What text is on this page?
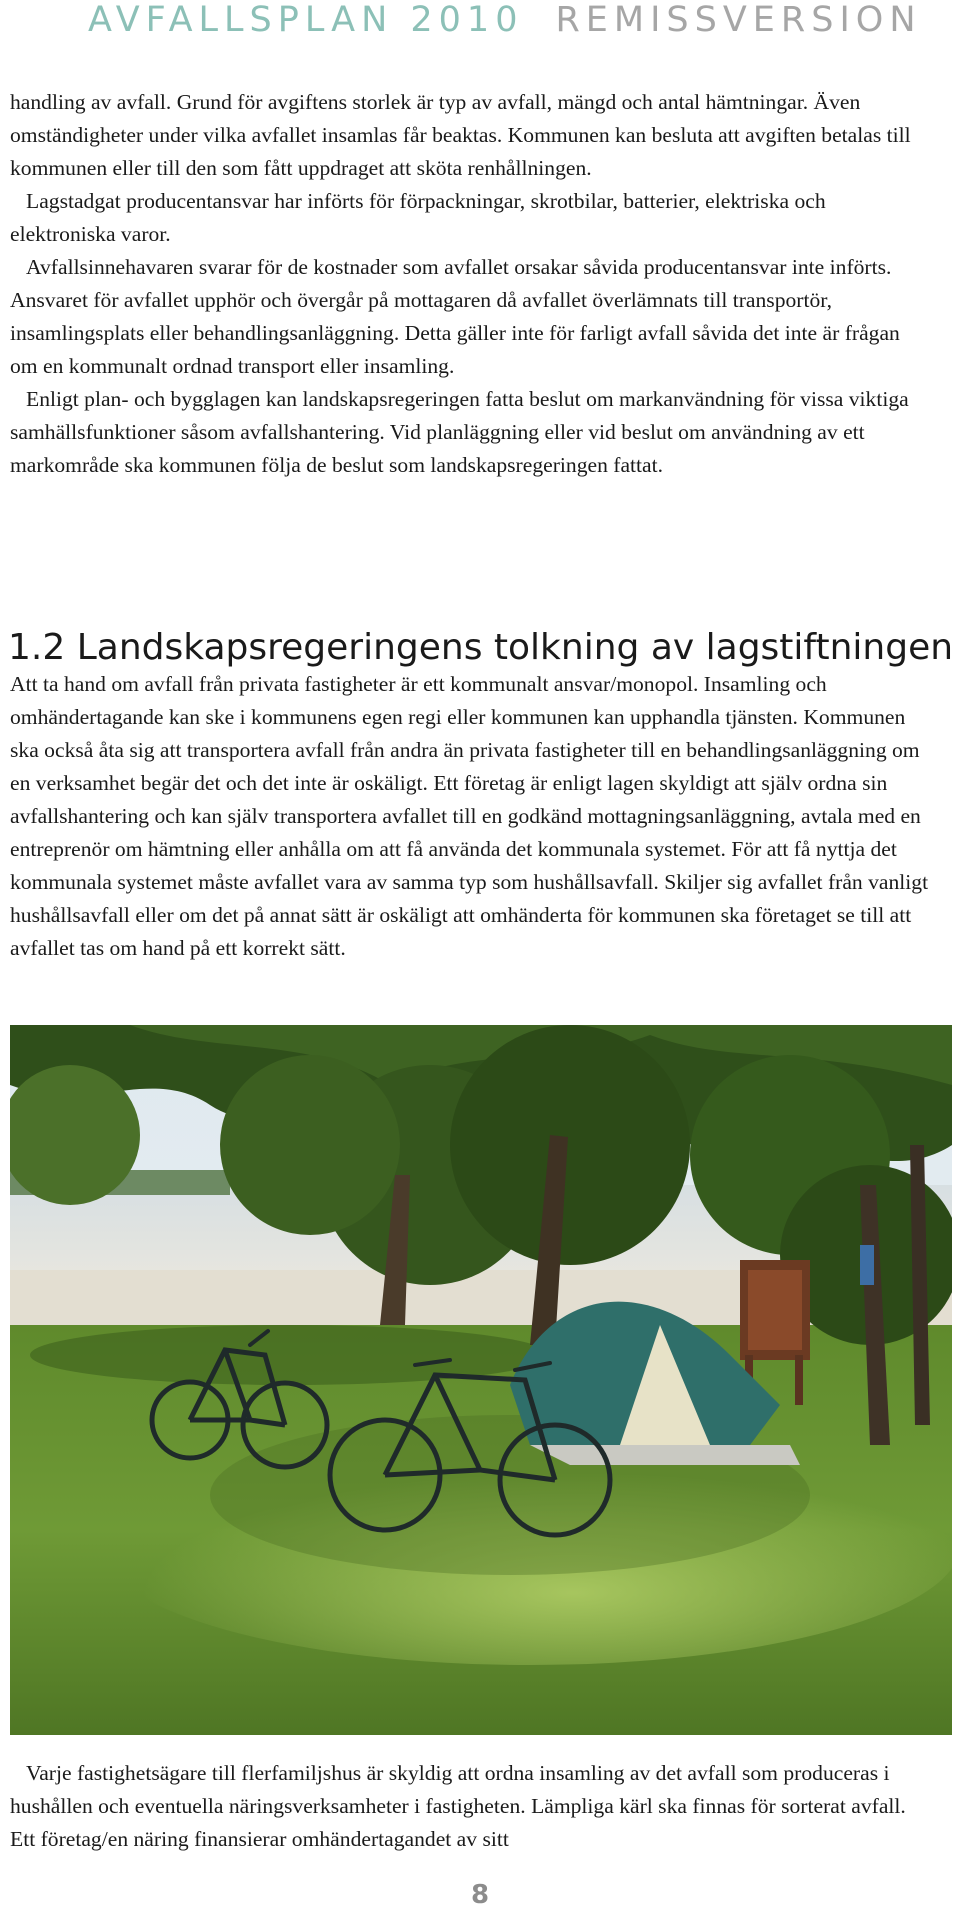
AVFALLSPLAN 2010 REMISSVERSION

handling av avfall. Grund för avgiftens storlek är typ av avfall, mängd och antal hämtningar. Även omständigheter under vilka avfallet insamlas får beaktas. Kommunen kan besluta att avgiften betalas till kommunen eller till den som fått uppdraget att sköta renhållningen.

Lagstadgat producentansvar har införts för förpackningar, skrotbilar, batterier, elektriska och elektroniska varor.

Avfallsinnehavaren svarar för de kostnader som avfallet orsakar såvida producentansvar inte införts. Ansvaret för avfallet upphör och övergår på mottagaren då avfallet överlämnats till transportör, insamlingsplats eller behandlingsanläggning. Detta gäller inte för farligt avfall såvida det inte är frågan om en kommunalt ordnad transport eller insamling.

Enligt plan- och bygglagen kan landskapsregeringen fatta beslut om markanvändning för vissa viktiga samhällsfunktioner såsom avfallshantering. Vid planläggning eller vid beslut om användning av ett markområde ska kommunen följa de beslut som landskapsregeringen fattat.

1.2 Landskapsregeringens tolkning av lagstiftningen

Att ta hand om avfall från privata fastigheter är ett kommunalt ansvar/monopol. Insamling och omhändertagande kan ske i kommunens egen regi eller kommunen kan upphandla tjänsten. Kommunen ska också åta sig att transportera avfall från andra än privata fastigheter till en behandlingsanläggning om en verksamhet begär det och det inte är oskäligt. Ett företag är enligt lagen skyldigt att själv ordna sin avfallshantering och kan själv transportera avfallet till en godkänd mottagningsanläggning, avtala med en entreprenör om hämtning eller anhålla om att få använda det kommunala systemet. För att få nyttja det kommunala systemet måste avfallet vara av samma typ som hushållsavfall. Skiljer sig avfallet från vanligt hushållsavfall eller om det på annat sätt är oskäligt att omhänderta för kommunen ska företaget se till att avfallet tas om hand på ett korrekt sätt.

Varje fastighetsägare till flerfamiljshus är skyldig att ordna insamling av det avfall som produceras i hushållen och eventuella näringsverksamheter i fastigheten. Lämpliga kärl ska finnas för sorterat avfall. Ett företag/en näring finansierar omhändertagandet av sitt

8
